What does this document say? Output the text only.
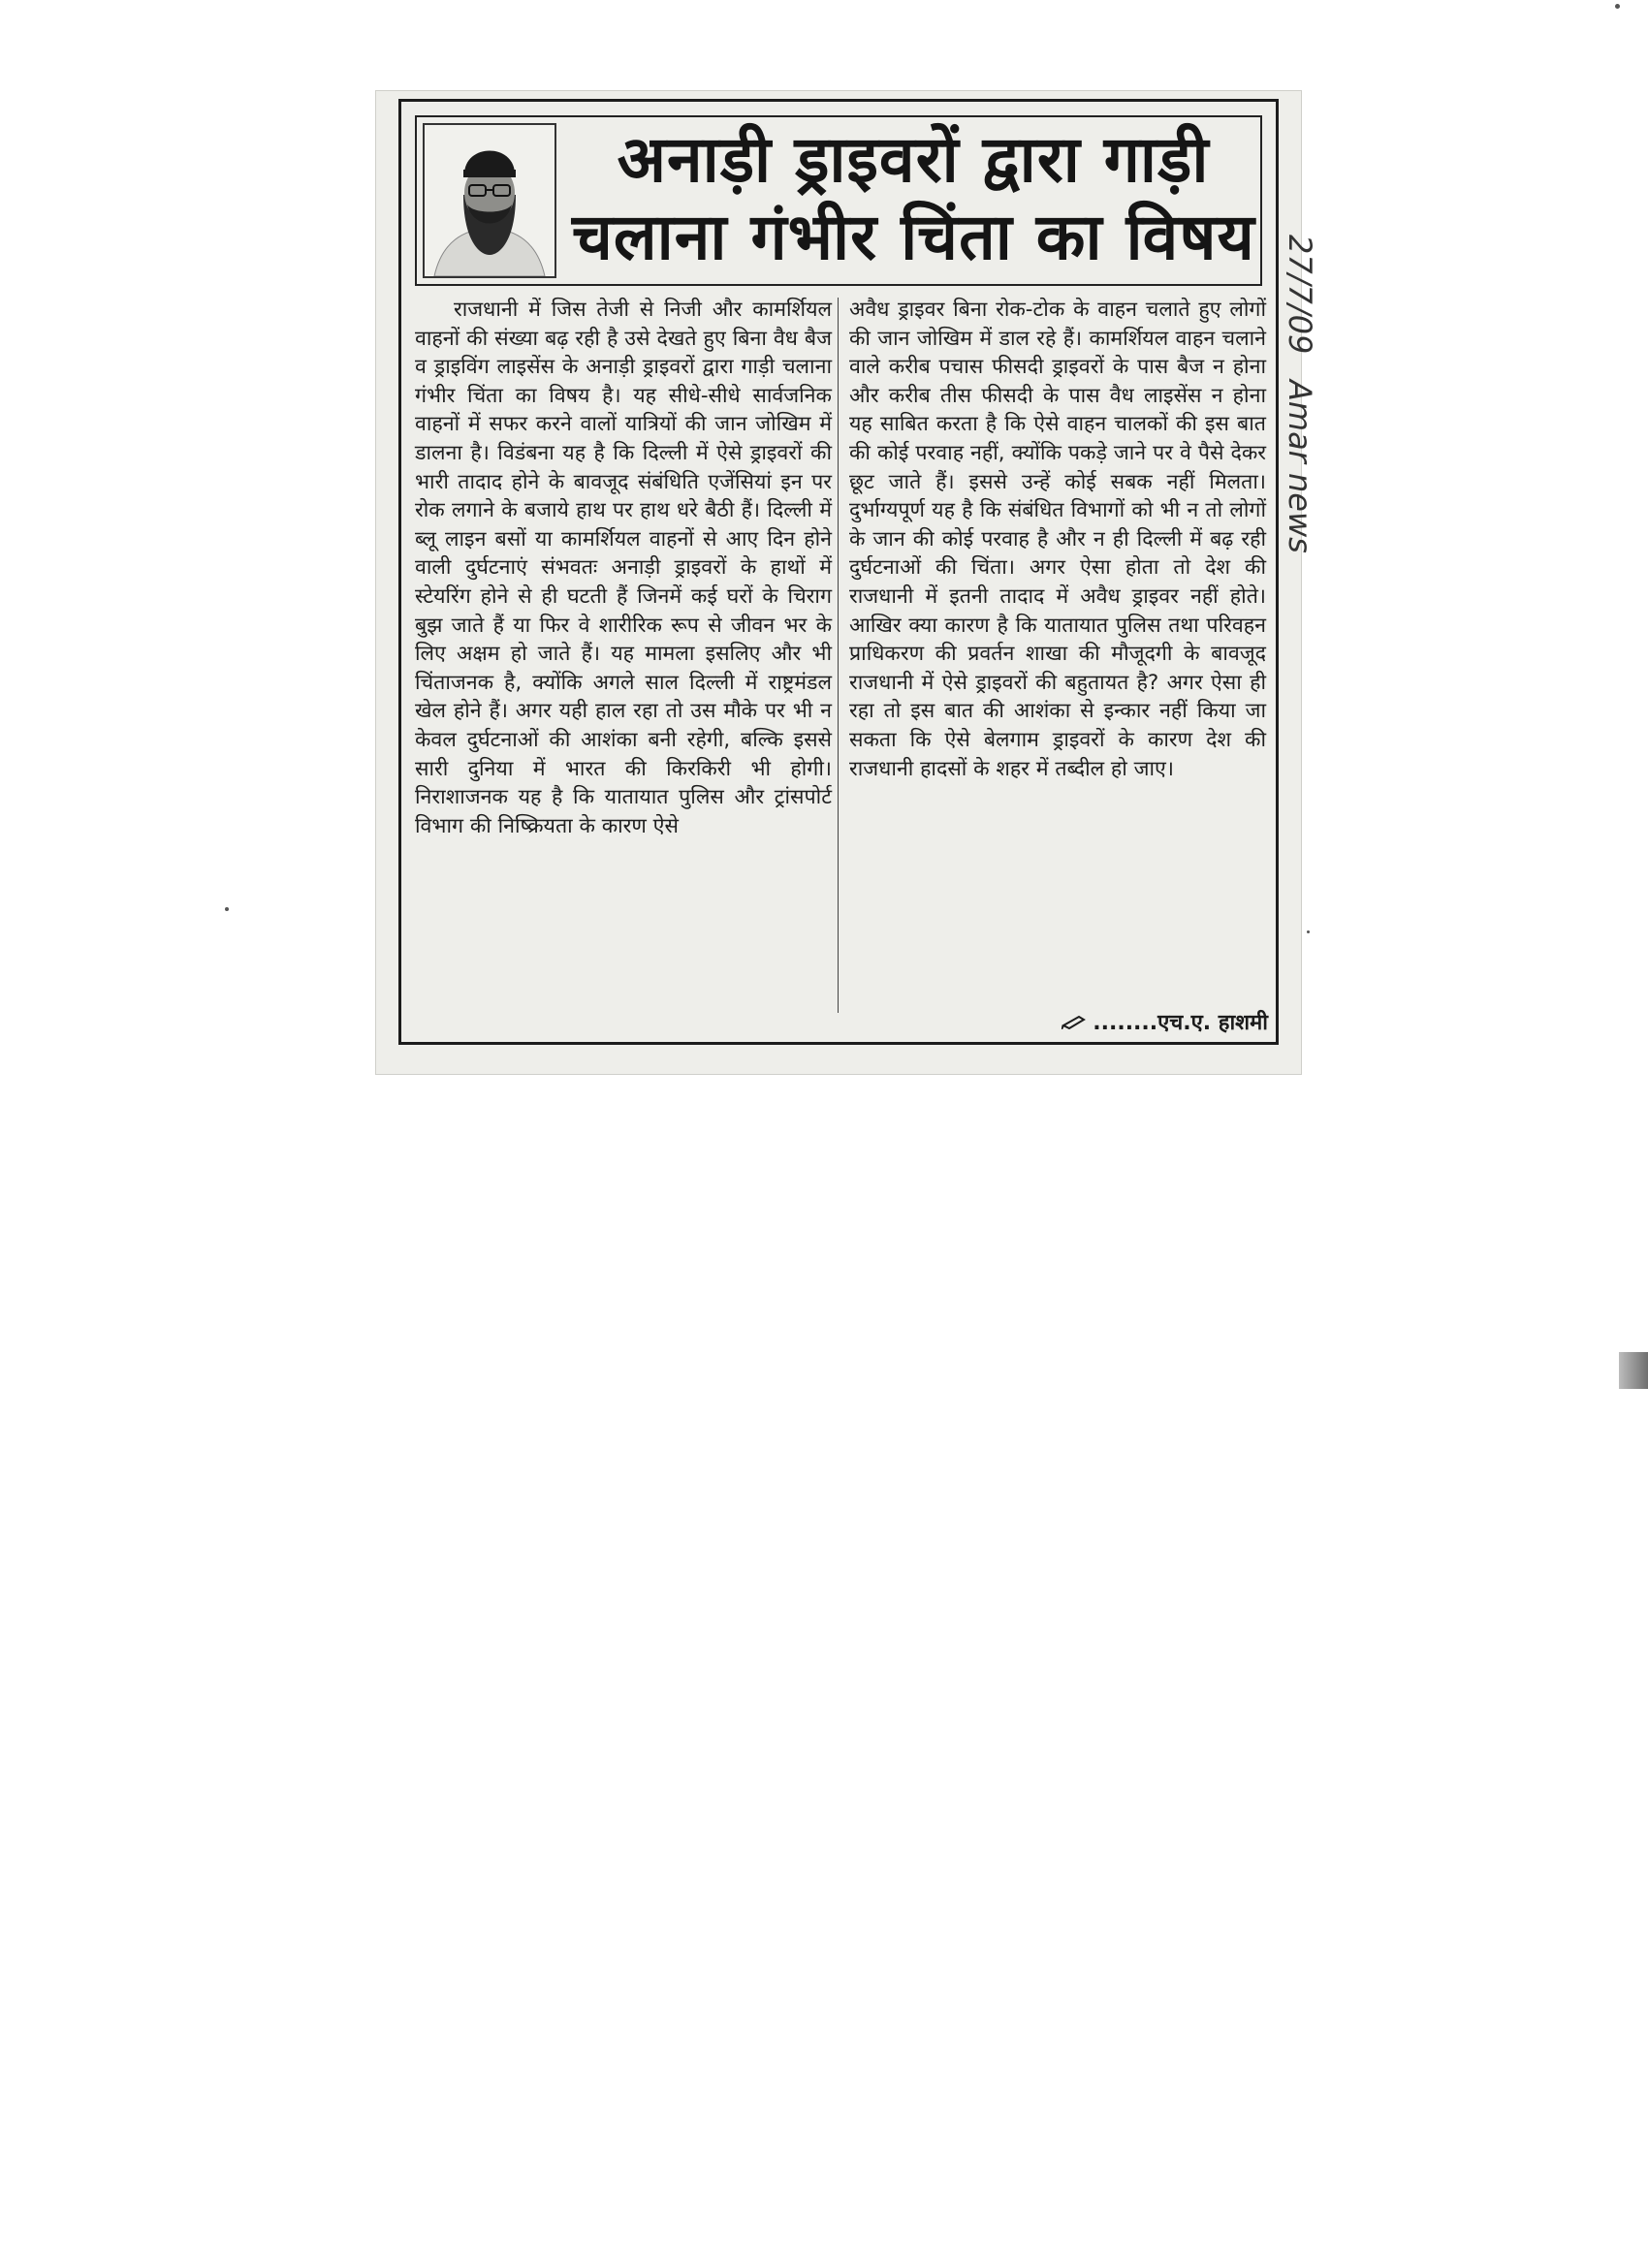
अनाड़ी ड्राइवरों द्वारा गाड़ी
चलाना गंभीर चिंता का विषय

राजधानी में जिस तेजी से निजी और कामर्शियल वाहनों की संख्या बढ़ रही है उसे देखते हुए बिना वैध बैज व ड्राइविंग लाइसेंस के अनाड़ी ड्राइवरों द्वारा गाड़ी चलाना गंभीर चिंता का विषय है। यह सीधे-सीधे सार्वजनिक वाहनों में सफर करने वालों यात्रियों की जान जोखिम में डालना है। विडंबना यह है कि दिल्ली में ऐसे ड्राइवरों की भारी तादाद होने के बावजूद संबंधिति एजेंसियां इन पर रोक लगाने के बजाये हाथ पर हाथ धरे बैठी हैं। दिल्ली में ब्लू लाइन बसों या कामर्शियल वाहनों से आए दिन होने वाली दुर्घटनाएं संभवतः अनाड़ी ड्राइवरों के हाथों में स्टेयरिंग होने से ही घटती हैं जिनमें कई घरों के चिराग बुझ जाते हैं या फिर वे शारीरिक रूप से जीवन भर के लिए अक्षम हो जाते हैं। यह मामला इसलिए और भी चिंताजनक है, क्योंकि अगले साल दिल्ली में राष्ट्रमंडल खेल होने हैं। अगर यही हाल रहा तो उस मौके पर भी न केवल दुर्घटनाओं की आशंका बनी रहेगी, बल्कि इससे सारी दुनिया में भारत की किरकिरी भी होगी। निराशाजनक यह है कि यातायात पुलिस और ट्रांसपोर्ट विभाग की निष्क्रियता के कारण ऐसे

अवैध ड्राइवर बिना रोक-टोक के वाहन चलाते हुए लोगों की जान जोखिम में डाल रहे हैं। कामर्शियल वाहन चलाने वाले करीब पचास फीसदी ड्राइवरों के पास बैज न होना और करीब तीस फीसदी के पास वैध लाइसेंस न होना यह साबित करता है कि ऐसे वाहन चालकों की इस बात की कोई परवाह नहीं, क्योंकि पकड़े जाने पर वे पैसे देकर छूट जाते हैं। इससे उन्हें कोई सबक नहीं मिलता। दुर्भाग्यपूर्ण यह है कि संबंधित विभागों को भी न तो लोगों के जान की कोई परवाह है और न ही दिल्ली में बढ़ रही दुर्घटनाओं की चिंता। अगर ऐसा होता तो देश की राजधानी में इतनी तादाद में अवैध ड्राइवर नहीं होते। आखिर क्या कारण है कि यातायात पुलिस तथा परिवहन प्राधिकरण की प्रवर्तन शाखा की मौजूदगी के बावजूद राजधानी में ऐसे ड्राइवरों की बहुतायत है? अगर ऐसा ही रहा तो इस बात की आशंका से इन्कार नहीं किया जा सकता कि ऐसे बेलगाम ड्राइवरों के कारण देश की राजधानी हादसों के शहर में तब्दील हो जाए।

........एच.ए. हाशमी
27/7/09
Amar news
